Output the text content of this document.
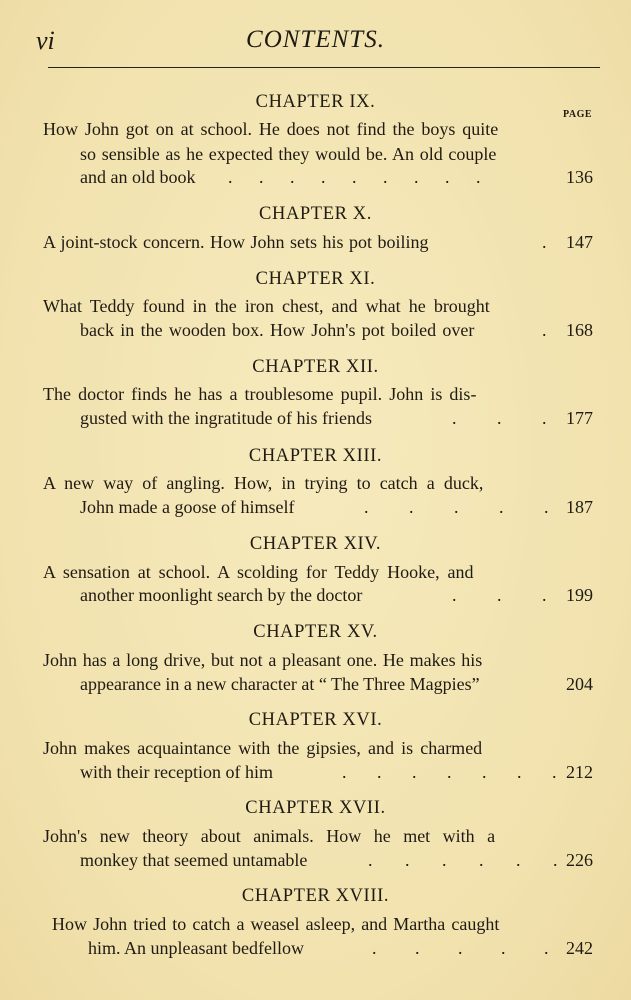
vi	CONTENTS.
PAGE
CHAPTER IX.
How John got on at school. He does not find the boys quite
so sensible as he expected they would be. An old couple
and an old book . . . . . . . . .	136
CHAPTER X.
A joint-stock concern. How John sets his pot boiling	. 147
CHAPTER XI.
What Teddy found in the iron chest, and what he brought
back in the wooden box. How John's pot boiled over	. 168
CHAPTER XII.
The doctor finds he has a troublesome pupil. John is dis-
gusted with the ingratitude of his friends	. . . 177
CHAPTER XIII.
A new way of angling. How, in trying to catch a duck,
John made a goose of himself	. . . . . 187
CHAPTER XIV.
A sensation at school. A scolding for Teddy Hooke, and
another moonlight search by the doctor	. . . 199
CHAPTER XV.
John has a long drive, but not a pleasant one. He makes his
appearance in a new character at “ The Three Magpies”	204
CHAPTER XVI.
John makes acquaintance with the gipsies, and is charmed
with their reception of him	. . . . . . . 212
CHAPTER XVII.
John's new theory about animals. How he met with a
monkey that seemed untamable	. . . . . . 226
CHAPTER XVIII.
How John tried to catch a weasel asleep, and Martha caught
him. An unpleasant bedfellow	. . . . . 242
